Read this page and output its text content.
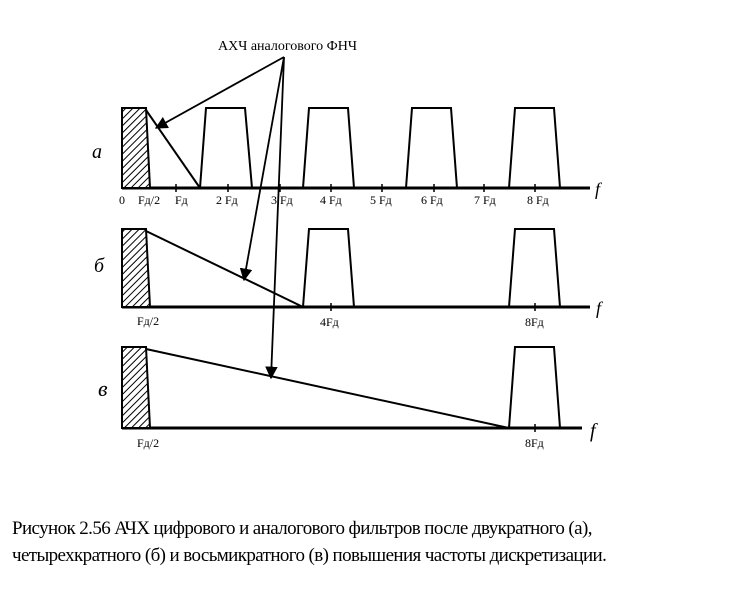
АХЧ аналогового ФНЧ
а
f
0 Fд/2 Fд 2 Fд	3 Fд 4 Fд 5 Fд 6 Fд	7 Fд	8 Fд
б
f
Fд/2	4Fд	8Fд
в
f
Fд/2	8Fд
Рисунок 2.56 АЧХ цифрового и аналогового фильтров после двукратного (а),
четырехкратного (б) и восьмикратного (в) повышения частоты дискретизации.
